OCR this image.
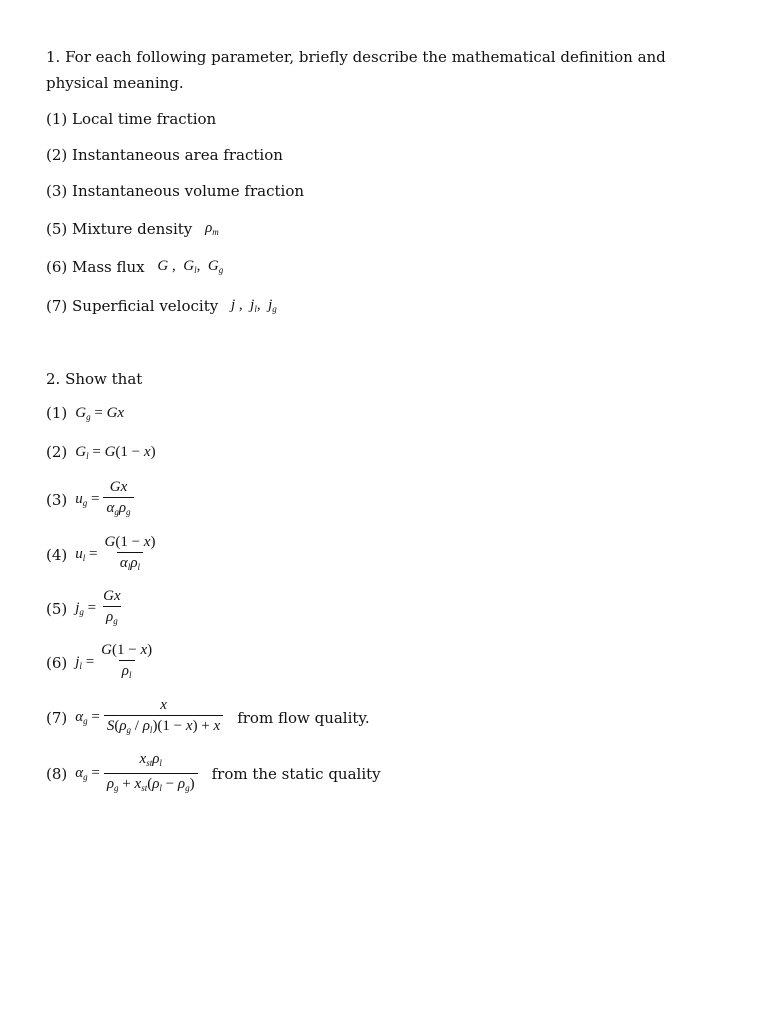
1. For each following parameter, briefly describe the mathematical definition and physical meaning.
(1) Local time fraction
(2) Instantaneous area fraction
(3) Instantaneous volume fraction
(5) Mixture density $\rho_m$
(6) Mass flux G ,  $G_l$,  $G_g$
(7) Superficial velocity j ,  $j_l$,  $j_g$
2. Show that
(1) $G_g = Gx$
(2) $G_l = G(1 - x)$
(3) $u_g = \frac{Gx}{\alpha_g\rho_g}$
(4) $u_l = \frac{G(1 - x)}{\alpha_l\rho_l}$
(5) $j_g = \frac{Gx}{\rho_g}$
(6) $j_l = \frac{G(1 - x)}{\rho_l}$
(7) $\alpha_g = \frac{x}{S(\rho_g / \rho_l)(1 - x) + x}$ from flow quality.
(8) $\alpha_g = \frac{x_{st}\rho_l}{\rho_g + x_{st}(\rho_l - \rho_g)}$ from the static quality
